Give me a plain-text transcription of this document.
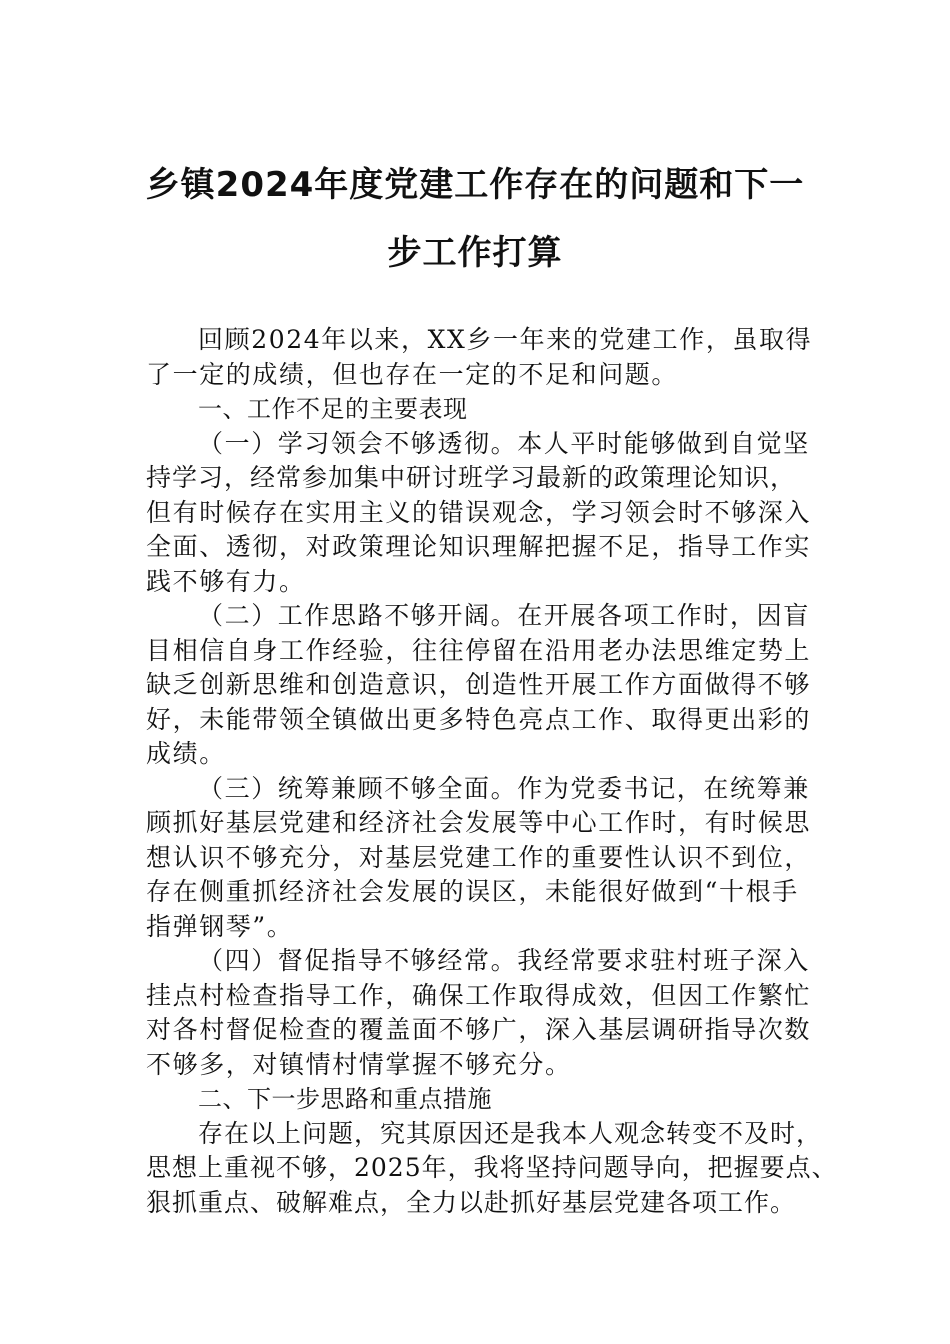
乡镇2024年度党建工作存在的问题和下一
步工作打算
回顾2024年以来，XX乡一年来的党建工作，虽取得
了一定的成绩，但也存在一定的不足和问题。
一、工作不足的主要表现
（一）学习领会不够透彻。本人平时能够做到自觉坚
持学习，经常参加集中研讨班学习最新的政策理论知识，
但有时候存在实用主义的错误观念，学习领会时不够深入
全面、透彻，对政策理论知识理解把握不足，指导工作实
践不够有力。
（二）工作思路不够开阔。在开展各项工作时，因盲
目相信自身工作经验，往往停留在沿用老办法思维定势上
缺乏创新思维和创造意识，创造性开展工作方面做得不够
好，未能带领全镇做出更多特色亮点工作、取得更出彩的
成绩。
（三）统筹兼顾不够全面。作为党委书记，在统筹兼
顾抓好基层党建和经济社会发展等中心工作时，有时候思
想认识不够充分，对基层党建工作的重要性认识不到位，
存在侧重抓经济社会发展的误区，未能很好做到“十根手
指弹钢琴”。
（四）督促指导不够经常。我经常要求驻村班子深入
挂点村检查指导工作，确保工作取得成效，但因工作繁忙
对各村督促检查的覆盖面不够广，深入基层调研指导次数
不够多，对镇情村情掌握不够充分。
二、下一步思路和重点措施
存在以上问题，究其原因还是我本人观念转变不及时，
思想上重视不够，2025年，我将坚持问题导向，把握要点、
狠抓重点、破解难点，全力以赴抓好基层党建各项工作。
